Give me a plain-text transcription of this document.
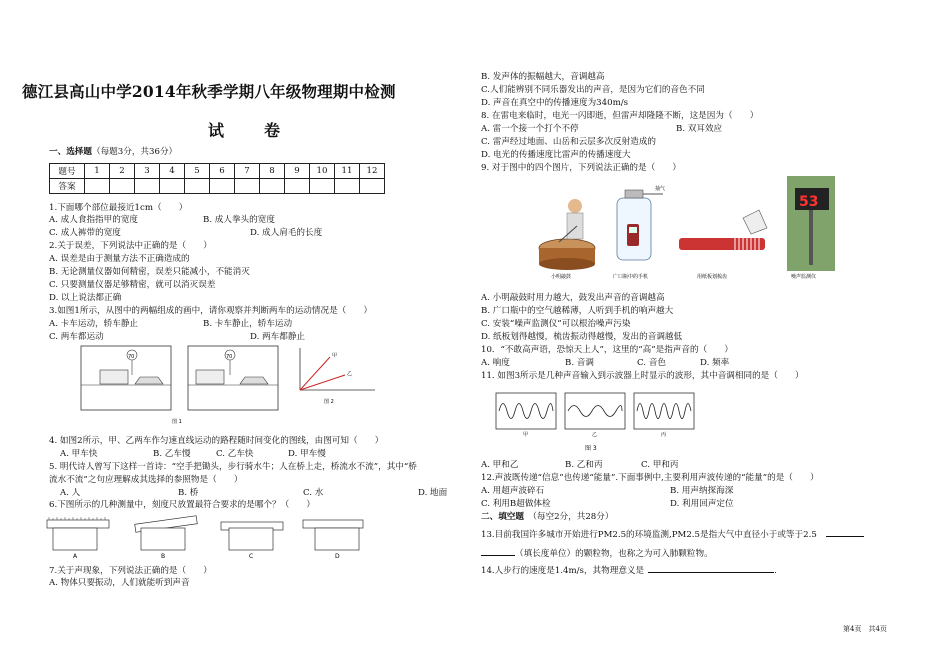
德江县高山中学2014年秋季学期八年级物理期中检测
试卷
一、选择题（每题3分，共36分）
题号	1	2	3	4	5	6	7	8	9	10	11	12
答案												
1.下面哪个部位最接近1cm（　　）
A. 成人食指指甲的宽度	B. 成人拳头的宽度
C. 成人裤带的宽度	D. 成人肩毛的长度
2.关于误差，下列说法中正确的是（　　）
A. 误差是由于测量方法不正确造成的
B. 无论测量仪器如何精密，误差只能减小，不能消灭
C. 只要测量仪器足够精密，就可以消灭误差
D. 以上说法都正确
3.如图1所示，从图中的两幅组成的画中，请你观察并判断两车的运动情况是（　　）
A. 卡车运动，轿车静止	B. 卡车静止，轿车运动
C. 两车都运动	D. 两车都静止
70	70
图 1
甲
乙
图 2
4. 如图2所示，甲、乙两车作匀速直线运动的路程随时间变化的图线，由图可知（　　）
A. 甲车快	B. 乙车慢	C. 乙车快	D. 甲车慢
5. 明代诗人曾写下这样一首诗：“空手把锄头，步行骑水牛；人在桥上走，桥流水不流”，其中“桥
流水不流”之句应理解成其选择的参照物是（　　）
A. 人	B. 桥	C. 水	D. 地面
6.下图所示的几种测量中，刻度尺放置最符合要求的是哪个？（　　）
A	B	C	D
7.关于声现象，下列说法正确的是（　　）
A. 物体只要振动，人们就能听到声音
B. 发声体的振幅越大，音调越高
C.人们能辨别不同乐器发出的声音，是因为它们的音色不同
D. 声音在真空中的传播速度为340m/s
8. 在雷电来临时，电光一闪即逝，但雷声却隆隆不断，这是因为（　　）
A. 雷一个接一个打个不停	B. 双耳效应
C. 雷声经过地面、山岳和云层多次反射造成的
D. 电光的传播速度比雷声的传播速度大
9. 对于图中的四个图片，下列说法正确的是（　　）
小明敲鼓
抽气
广口瓶中的手机	用纸板划梳齿
53
噪声监测仪
A. 小明敲鼓时用力越大，鼓发出声音的音调越高
B. 广口瓶中的空气越稀薄，人听到手机的响声越大
C. 安装“噪声监测仪”可以根治噪声污染
D. 纸板划得越慢，梳齿振动得越慢，发出的音调越低
10．“不敢高声语，恐惊天上人”，这里的“高”是指声音的（　　）
A. 响度	B. 音调	C. 音色	D. 频率
11. 如图3所示是几种声音输入到示波器上时显示的波形，其中音调相同的是（　　）
甲	乙	丙
图 3
A. 甲和乙	B. 乙和丙	C. 甲和丙
12.声波既传递“信息”也传递“能量”.下面事例中,主要利用声波传递的“能量”的是（　　）
A. 用超声波碎石	B. 用声纳探海深
C. 利用B超做体检	D. 利用回声定位
二、填空题　 （每空2分，共28分）
13.目前我国许多城市开始进行PM2.5的环境监测,PM2.5是指大气中直径小于或等于2.5
（填长度单位）的颗粒物，也称之为可入肺颗粒物。
14.人步行的速度是1.4m/s，其物理意义是	.
第4页　共4页
